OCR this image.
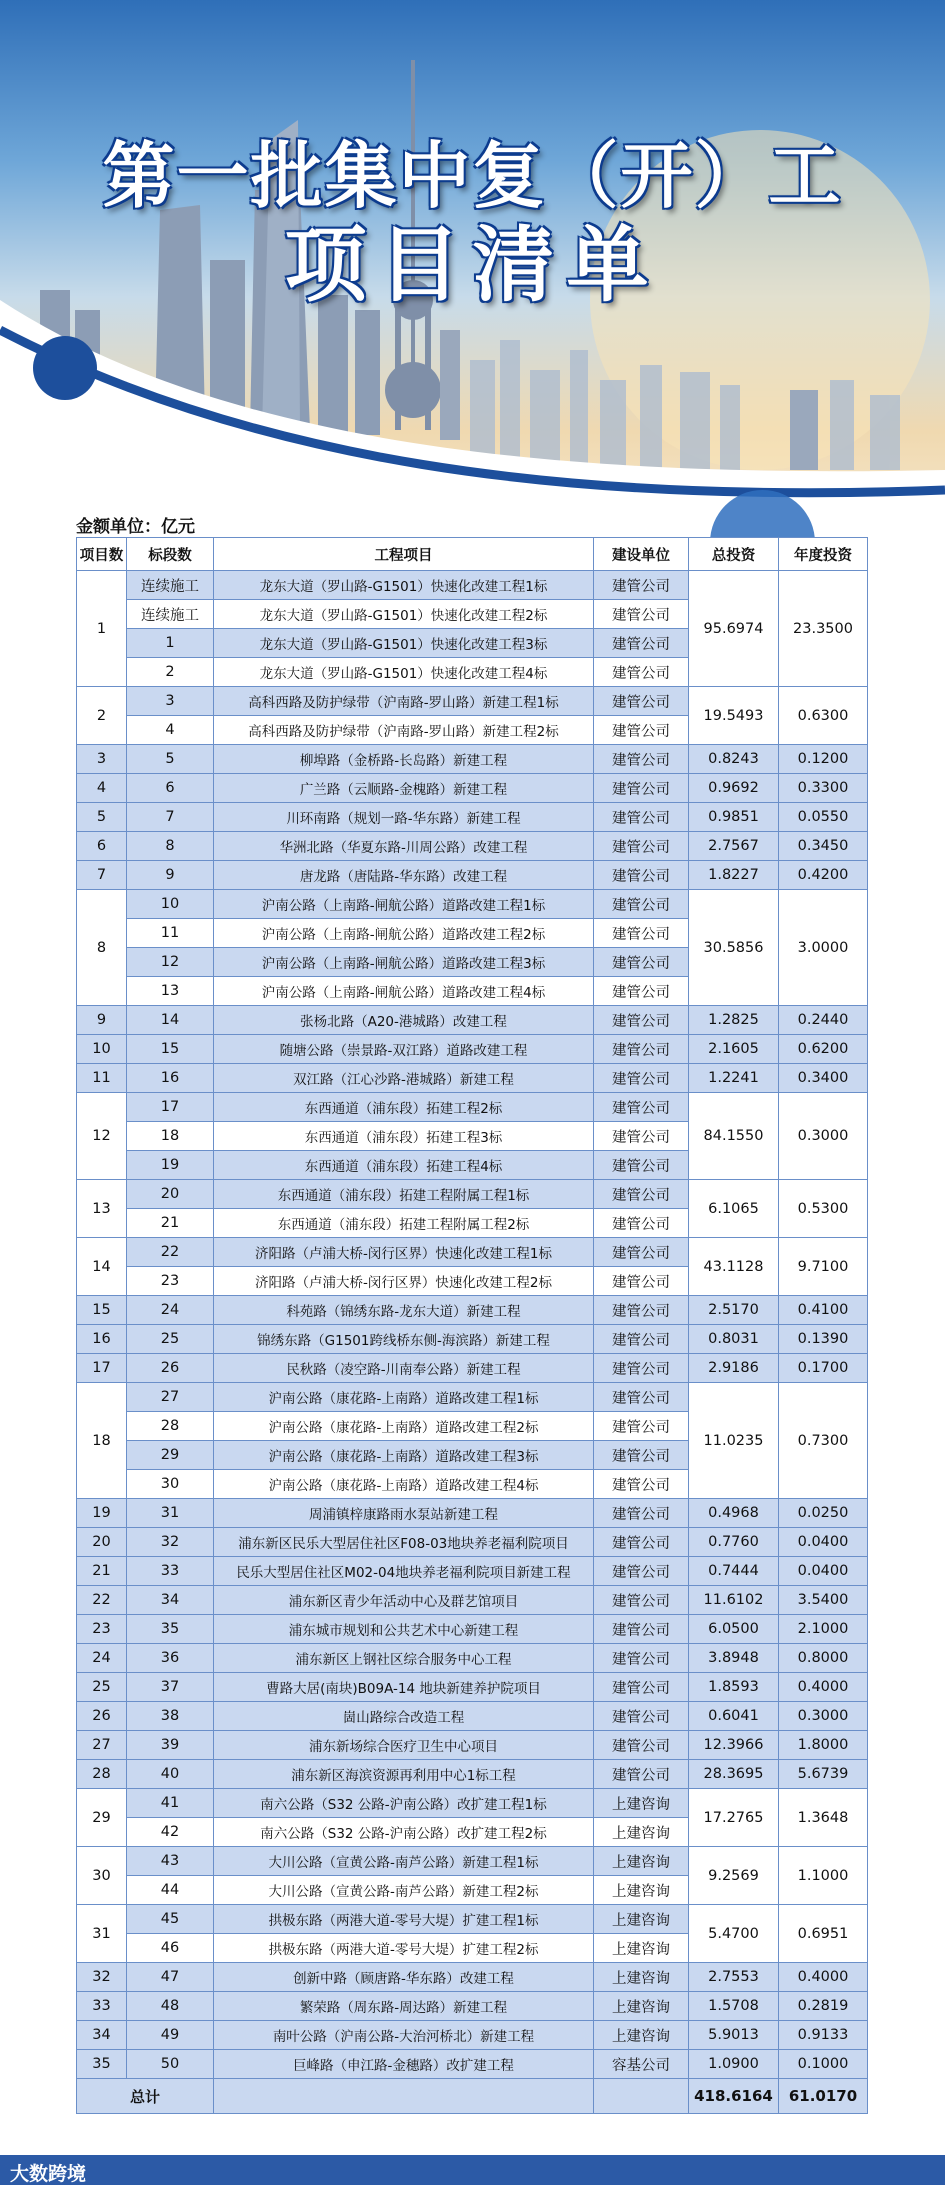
第一批集中复（开）工
项目清单
金额单位：亿元
项目数	标段数	工程项目	建设单位	总投资	年度投资
1	连续施工	龙东大道（罗山路-G1501）快速化改建工程1标	建管公司	95.6974	23.3500
	连续施工	龙东大道（罗山路-G1501）快速化改建工程2标	建管公司		
	1	龙东大道（罗山路-G1501）快速化改建工程3标	建管公司		
	2	龙东大道（罗山路-G1501）快速化改建工程4标	建管公司		
2	3	高科西路及防护绿带（沪南路-罗山路）新建工程1标	建管公司	19.5493	0.6300
	4	高科西路及防护绿带（沪南路-罗山路）新建工程2标	建管公司		
3	5	柳埠路（金桥路-长岛路）新建工程	建管公司	0.8243	0.1200
4	6	广兰路（云顺路-金槐路）新建工程	建管公司	0.9692	0.3300
5	7	川环南路（规划一路-华东路）新建工程	建管公司	0.9851	0.0550
6	8	华洲北路（华夏东路-川周公路）改建工程	建管公司	2.7567	0.3450
7	9	唐龙路（唐陆路-华东路）改建工程	建管公司	1.8227	0.4200
8	10	沪南公路（上南路-闸航公路）道路改建工程1标	建管公司	30.5856	3.0000
	11	沪南公路（上南路-闸航公路）道路改建工程2标	建管公司		
	12	沪南公路（上南路-闸航公路）道路改建工程3标	建管公司		
	13	沪南公路（上南路-闸航公路）道路改建工程4标	建管公司		
9	14	张杨北路（A20-港城路）改建工程	建管公司	1.2825	0.2440
10	15	随塘公路（崇景路-双江路）道路改建工程	建管公司	2.1605	0.6200
11	16	双江路（江心沙路-港城路）新建工程	建管公司	1.2241	0.3400
12	17	东西通道（浦东段）拓建工程2标	建管公司	84.1550	0.3000
	18	东西通道（浦东段）拓建工程3标	建管公司		
	19	东西通道（浦东段）拓建工程4标	建管公司		
13	20	东西通道（浦东段）拓建工程附属工程1标	建管公司	6.1065	0.5300
	21	东西通道（浦东段）拓建工程附属工程2标	建管公司		
14	22	济阳路（卢浦大桥-闵行区界）快速化改建工程1标	建管公司	43.1128	9.7100
	23	济阳路（卢浦大桥-闵行区界）快速化改建工程2标	建管公司		
15	24	科苑路（锦绣东路-龙东大道）新建工程	建管公司	2.5170	0.4100
16	25	锦绣东路（G1501跨线桥东侧-海滨路）新建工程	建管公司	0.8031	0.1390
17	26	民秋路（凌空路-川南奉公路）新建工程	建管公司	2.9186	0.1700
18	27	沪南公路（康花路-上南路）道路改建工程1标	建管公司	11.0235	0.7300
	28	沪南公路（康花路-上南路）道路改建工程2标	建管公司		
	29	沪南公路（康花路-上南路）道路改建工程3标	建管公司		
	30	沪南公路（康花路-上南路）道路改建工程4标	建管公司		
19	31	周浦镇梓康路雨水泵站新建工程	建管公司	0.4968	0.0250
20	32	浦东新区民乐大型居住社区F08-03地块养老福利院项目	建管公司	0.7760	0.0400
21	33	民乐大型居住社区M02-04地块养老福利院项目新建工程	建管公司	0.7444	0.0400
22	34	浦东新区青少年活动中心及群艺馆项目	建管公司	11.6102	3.5400
23	35	浦东城市规划和公共艺术中心新建工程	建管公司	6.0500	2.1000
24	36	浦东新区上钢社区综合服务中心工程	建管公司	3.8948	0.8000
25	37	曹路大居(南块)B09A-14 地块新建养护院项目	建管公司	1.8593	0.4000
26	38	崮山路综合改造工程	建管公司	0.6041	0.3000
27	39	浦东新场综合医疗卫生中心项目	建管公司	12.3966	1.8000
28	40	浦东新区海滨资源再利用中心1标工程	建管公司	28.3695	5.6739
29	41	南六公路（S32 公路-沪南公路）改扩建工程1标	上建咨询	17.2765	1.3648
	42	南六公路（S32 公路-沪南公路）改扩建工程2标	上建咨询		
30	43	大川公路（宣黄公路-南芦公路）新建工程1标	上建咨询	9.2569	1.1000
	44	大川公路（宣黄公路-南芦公路）新建工程2标	上建咨询		
31	45	拱极东路（两港大道-零号大堤）扩建工程1标	上建咨询	5.4700	0.6951
	46	拱极东路（两港大道-零号大堤）扩建工程2标	上建咨询		
32	47	创新中路（顾唐路-华东路）改建工程	上建咨询	2.7553	0.4000
33	48	繁荣路（周东路-周达路）新建工程	上建咨询	1.5708	0.2819
34	49	南叶公路（沪南公路-大治河桥北）新建工程	上建咨询	5.9013	0.9133
35	50	巨峰路（申江路-金穗路）改扩建工程	容基公司	1.0900	0.1000
总计				418.6164	61.0170
大数跨境
